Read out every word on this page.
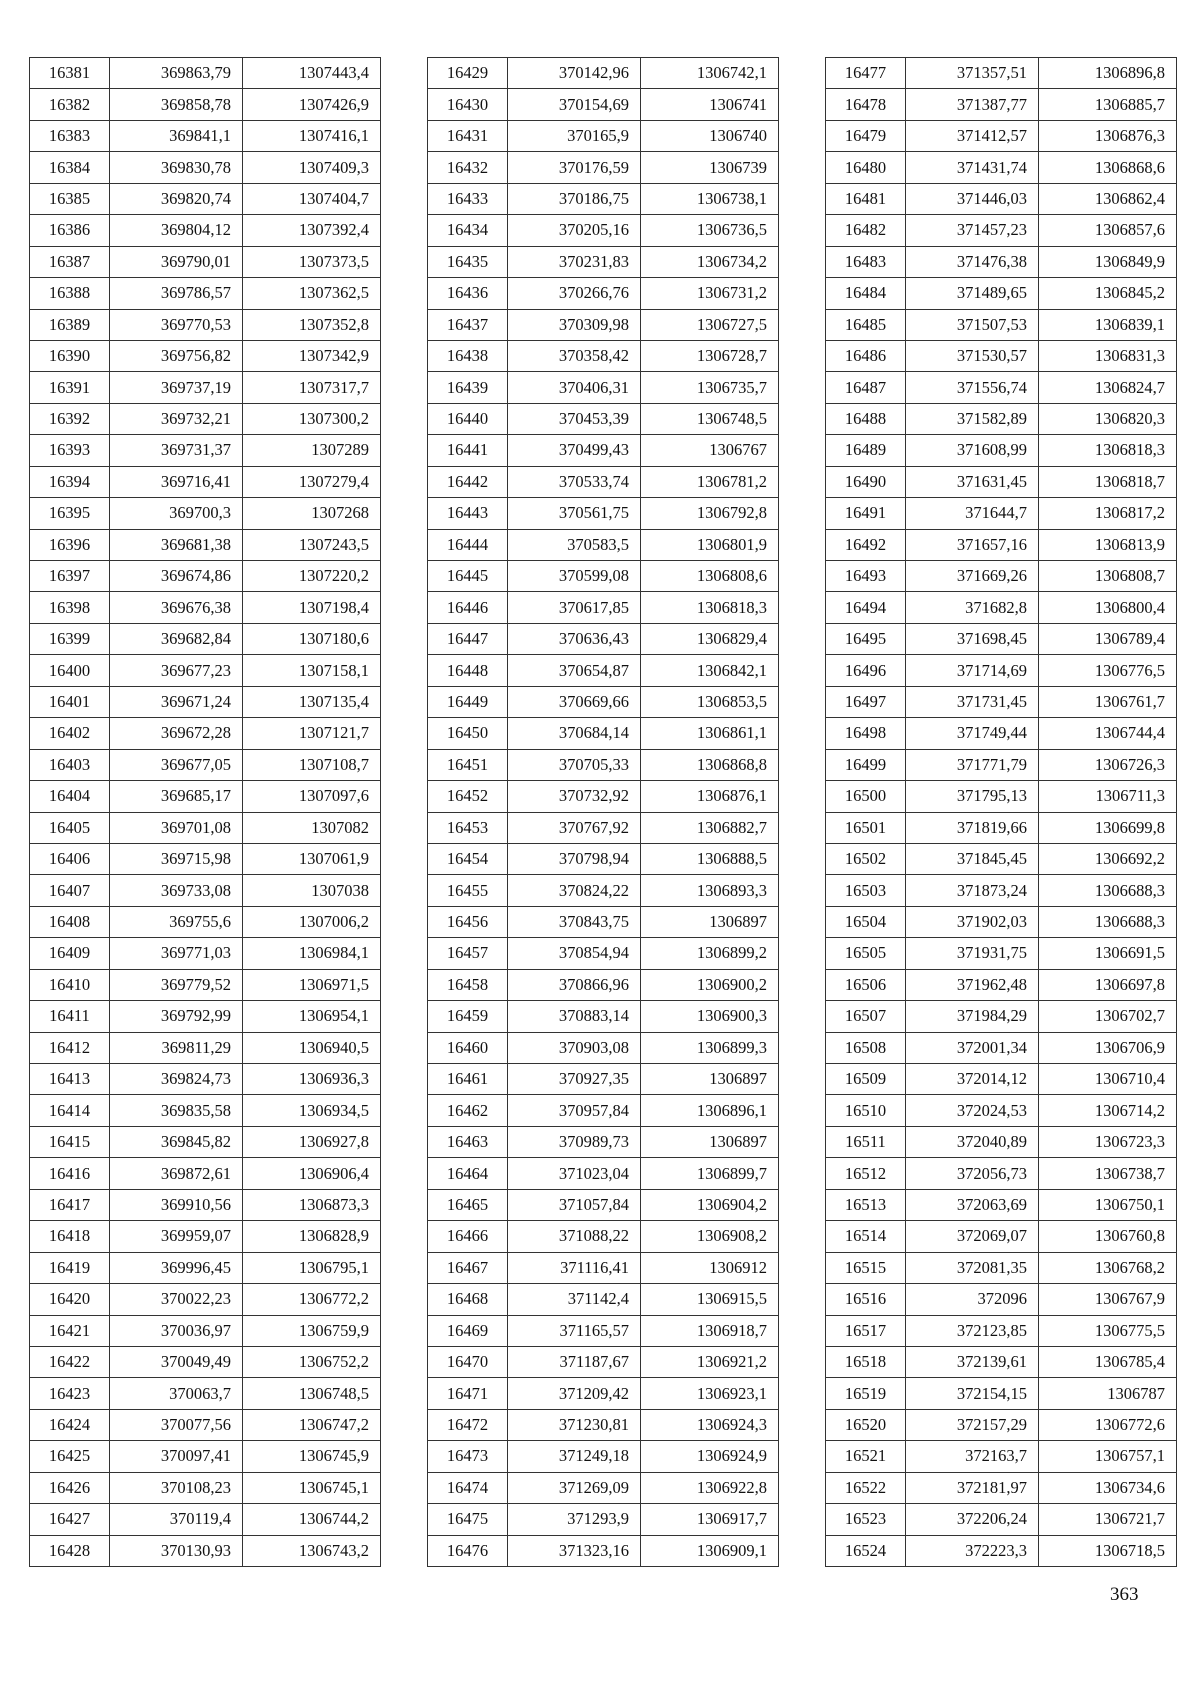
16381	369863,79	1307443,4
16382	369858,78	1307426,9
16383	369841,1	1307416,1
16384	369830,78	1307409,3
16385	369820,74	1307404,7
16386	369804,12	1307392,4
16387	369790,01	1307373,5
16388	369786,57	1307362,5
16389	369770,53	1307352,8
16390	369756,82	1307342,9
16391	369737,19	1307317,7
16392	369732,21	1307300,2
16393	369731,37	1307289
16394	369716,41	1307279,4
16395	369700,3	1307268
16396	369681,38	1307243,5
16397	369674,86	1307220,2
16398	369676,38	1307198,4
16399	369682,84	1307180,6
16400	369677,23	1307158,1
16401	369671,24	1307135,4
16402	369672,28	1307121,7
16403	369677,05	1307108,7
16404	369685,17	1307097,6
16405	369701,08	1307082
16406	369715,98	1307061,9
16407	369733,08	1307038
16408	369755,6	1307006,2
16409	369771,03	1306984,1
16410	369779,52	1306971,5
16411	369792,99	1306954,1
16412	369811,29	1306940,5
16413	369824,73	1306936,3
16414	369835,58	1306934,5
16415	369845,82	1306927,8
16416	369872,61	1306906,4
16417	369910,56	1306873,3
16418	369959,07	1306828,9
16419	369996,45	1306795,1
16420	370022,23	1306772,2
16421	370036,97	1306759,9
16422	370049,49	1306752,2
16423	370063,7	1306748,5
16424	370077,56	1306747,2
16425	370097,41	1306745,9
16426	370108,23	1306745,1
16427	370119,4	1306744,2
16428	370130,93	1306743,2
16429	370142,96	1306742,1
16430	370154,69	1306741
16431	370165,9	1306740
16432	370176,59	1306739
16433	370186,75	1306738,1
16434	370205,16	1306736,5
16435	370231,83	1306734,2
16436	370266,76	1306731,2
16437	370309,98	1306727,5
16438	370358,42	1306728,7
16439	370406,31	1306735,7
16440	370453,39	1306748,5
16441	370499,43	1306767
16442	370533,74	1306781,2
16443	370561,75	1306792,8
16444	370583,5	1306801,9
16445	370599,08	1306808,6
16446	370617,85	1306818,3
16447	370636,43	1306829,4
16448	370654,87	1306842,1
16449	370669,66	1306853,5
16450	370684,14	1306861,1
16451	370705,33	1306868,8
16452	370732,92	1306876,1
16453	370767,92	1306882,7
16454	370798,94	1306888,5
16455	370824,22	1306893,3
16456	370843,75	1306897
16457	370854,94	1306899,2
16458	370866,96	1306900,2
16459	370883,14	1306900,3
16460	370903,08	1306899,3
16461	370927,35	1306897
16462	370957,84	1306896,1
16463	370989,73	1306897
16464	371023,04	1306899,7
16465	371057,84	1306904,2
16466	371088,22	1306908,2
16467	371116,41	1306912
16468	371142,4	1306915,5
16469	371165,57	1306918,7
16470	371187,67	1306921,2
16471	371209,42	1306923,1
16472	371230,81	1306924,3
16473	371249,18	1306924,9
16474	371269,09	1306922,8
16475	371293,9	1306917,7
16476	371323,16	1306909,1
16477	371357,51	1306896,8
16478	371387,77	1306885,7
16479	371412,57	1306876,3
16480	371431,74	1306868,6
16481	371446,03	1306862,4
16482	371457,23	1306857,6
16483	371476,38	1306849,9
16484	371489,65	1306845,2
16485	371507,53	1306839,1
16486	371530,57	1306831,3
16487	371556,74	1306824,7
16488	371582,89	1306820,3
16489	371608,99	1306818,3
16490	371631,45	1306818,7
16491	371644,7	1306817,2
16492	371657,16	1306813,9
16493	371669,26	1306808,7
16494	371682,8	1306800,4
16495	371698,45	1306789,4
16496	371714,69	1306776,5
16497	371731,45	1306761,7
16498	371749,44	1306744,4
16499	371771,79	1306726,3
16500	371795,13	1306711,3
16501	371819,66	1306699,8
16502	371845,45	1306692,2
16503	371873,24	1306688,3
16504	371902,03	1306688,3
16505	371931,75	1306691,5
16506	371962,48	1306697,8
16507	371984,29	1306702,7
16508	372001,34	1306706,9
16509	372014,12	1306710,4
16510	372024,53	1306714,2
16511	372040,89	1306723,3
16512	372056,73	1306738,7
16513	372063,69	1306750,1
16514	372069,07	1306760,8
16515	372081,35	1306768,2
16516	372096	1306767,9
16517	372123,85	1306775,5
16518	372139,61	1306785,4
16519	372154,15	1306787
16520	372157,29	1306772,6
16521	372163,7	1306757,1
16522	372181,97	1306734,6
16523	372206,24	1306721,7
16524	372223,3	1306718,5
363
